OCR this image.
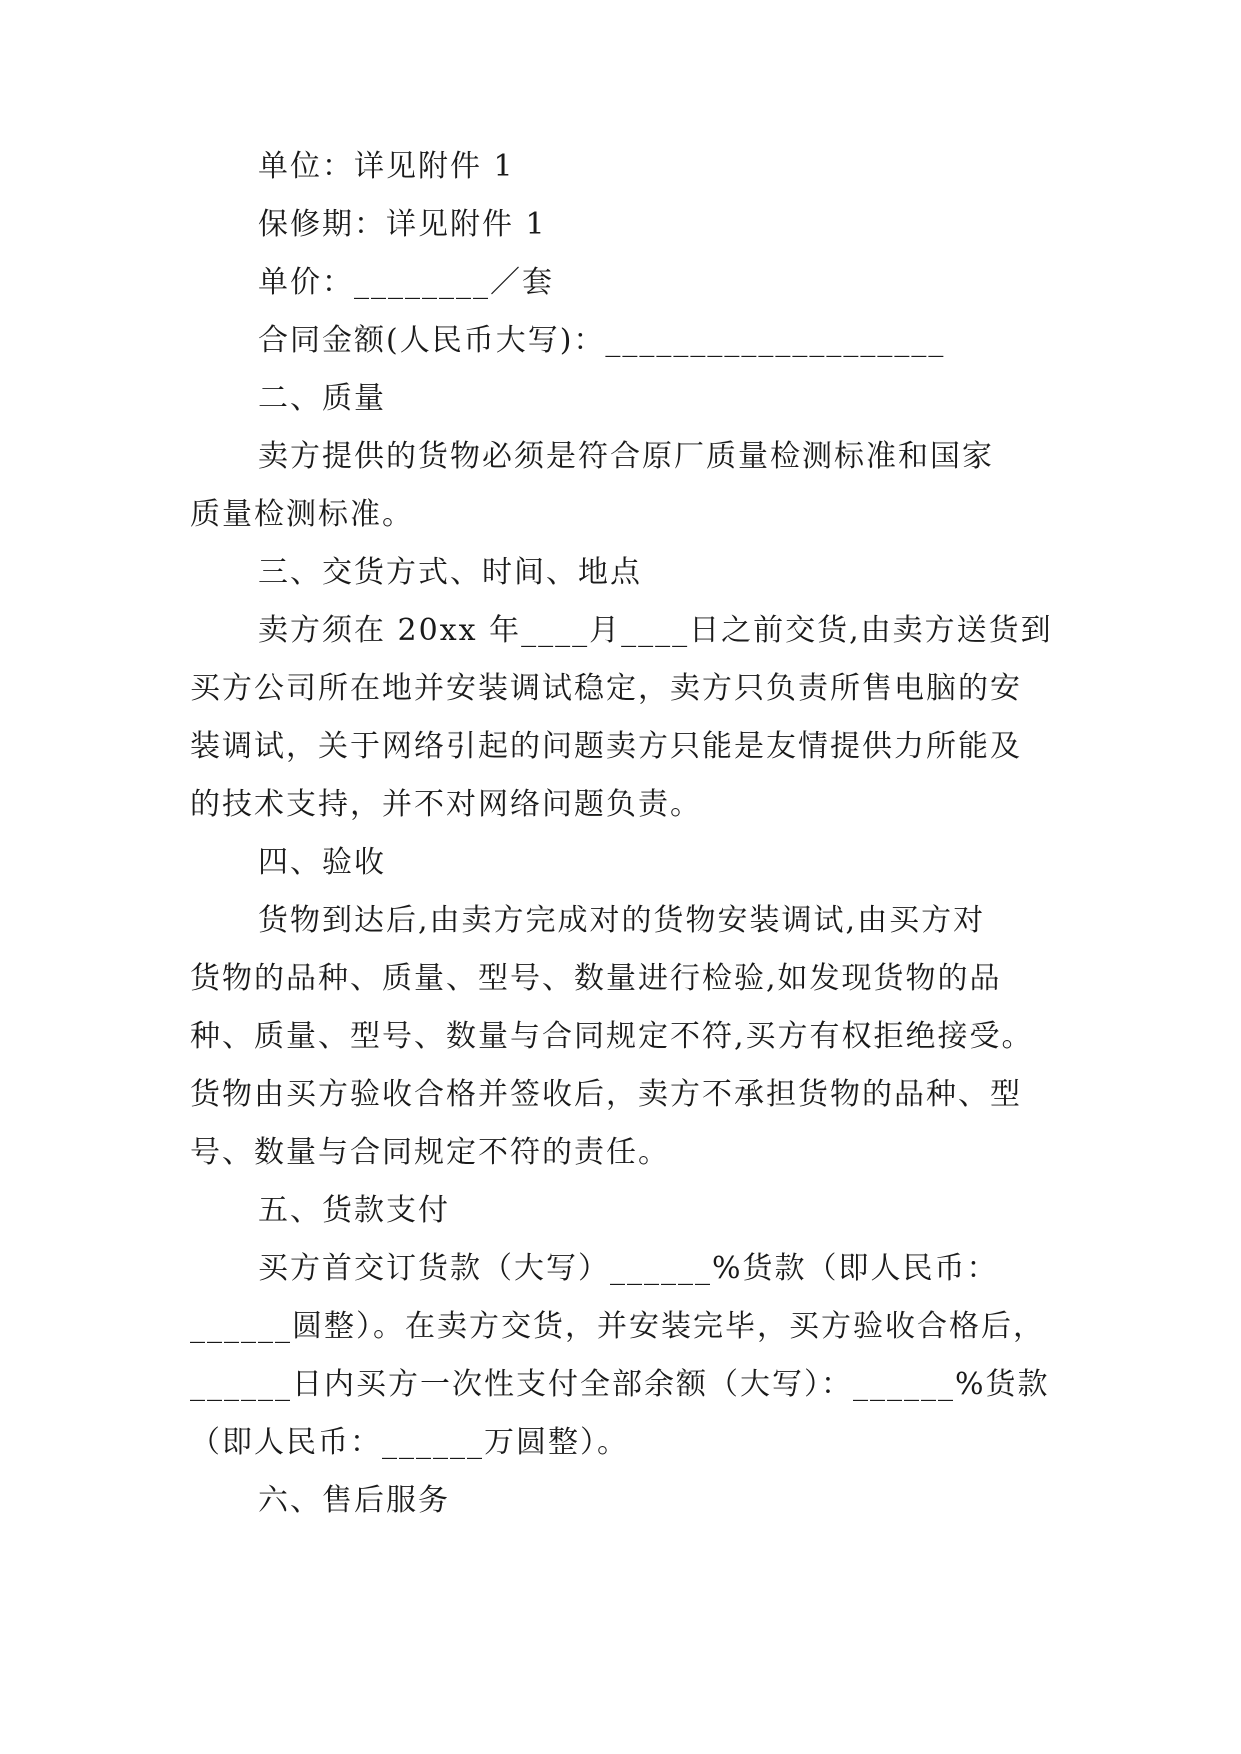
单位：详见附件 1
保修期：详见附件 1
单价：________／套
合同金额(人民币大写)：____________________
二、质量
卖方提供的货物必须是符合原厂质量检测标准和国家
质量检测标准。
三、交货方式、时间、地点
卖方须在 20xx 年____月____日之前交货,由卖方送货到
买方公司所在地并安装调试稳定，卖方只负责所售电脑的安
装调试，关于网络引起的问题卖方只能是友情提供力所能及
的技术支持，并不对网络问题负责。
四、验收
货物到达后,由卖方完成对的货物安装调试,由买方对
货物的品种、质量、型号、数量进行检验,如发现货物的品
种、质量、型号、数量与合同规定不符,买方有权拒绝接受。
货物由买方验收合格并签收后，卖方不承担货物的品种、型
号、数量与合同规定不符的责任。
五、货款支付
买方首交订货款（大写）______%货款（即人民币：
______圆整）。在卖方交货，并安装完毕，买方验收合格后，
______日内买方一次性支付全部余额（大写）：______%货款
（即人民币：______万圆整）。
六、售后服务
